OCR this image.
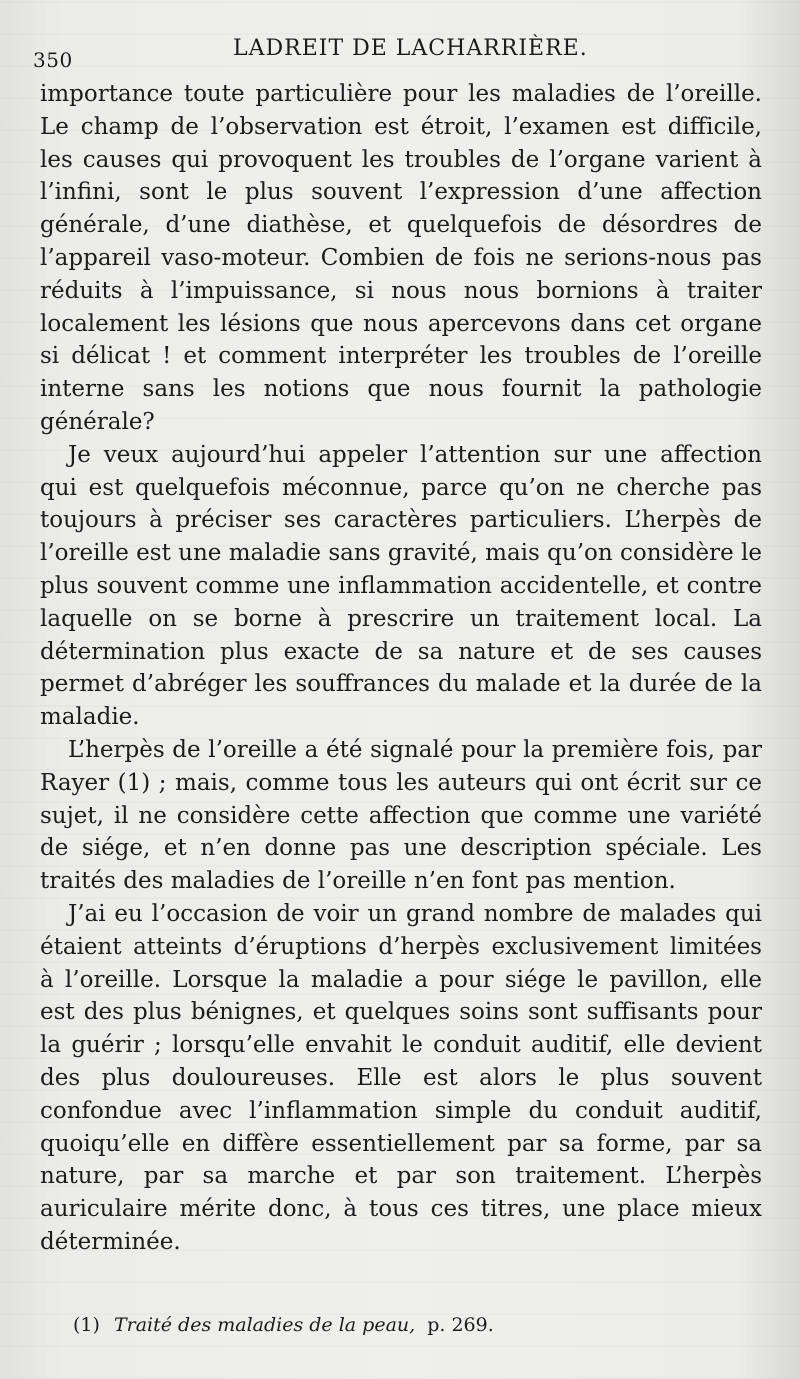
350	LADREIT DE LACHARRIÈRE.

importance toute particulière pour les maladies de l’oreille. Le champ de l’observation est étroit, l’examen est difficile, les causes qui provoquent les troubles de l’organe varient à l’infini, sont le plus souvent l’expression d’une affection générale, d’une diathèse, et quelquefois de désordres de l’appareil vaso-moteur. Combien de fois ne serions-nous pas réduits à l’impuissance, si nous nous bornions à traiter localement les lésions que nous apercevons dans cet organe si délicat ! et comment interpréter les troubles de l’oreille interne sans les notions que nous fournit la pathologie générale?

Je veux aujourd’hui appeler l’attention sur une affection qui est quelquefois méconnue, parce qu’on ne cherche pas toujours à préciser ses caractères particuliers. L’herpès de l’oreille est une maladie sans gravité, mais qu’on considère le plus souvent comme une inflammation accidentelle, et contre laquelle on se borne à prescrire un traitement local. La détermination plus exacte de sa nature et de ses causes permet d’abréger les souffrances du malade et la durée de la maladie.

L’herpès de l’oreille a été signalé pour la première fois, par Rayer (1) ; mais, comme tous les auteurs qui ont écrit sur ce sujet, il ne considère cette affection que comme une variété de siége, et n’en donne pas une description spéciale. Les traités des maladies de l’oreille n’en font pas mention.

J’ai eu l’occasion de voir un grand nombre de malades qui étaient atteints d’éruptions d’herpès exclusivement limitées à l’oreille. Lorsque la maladie a pour siége le pavillon, elle est des plus bénignes, et quelques soins sont suffisants pour la guérir ; lorsqu’elle envahit le conduit auditif, elle devient des plus douloureuses. Elle est alors le plus souvent confondue avec l’inflammation simple du conduit auditif, quoiqu’elle en diffère essentiellement par sa forme, par sa nature, par sa marche et par son traitement. L’herpès auriculaire mérite donc, à tous ces titres, une place mieux déterminée.

(1) Traité des maladies de la peau, p. 269.
